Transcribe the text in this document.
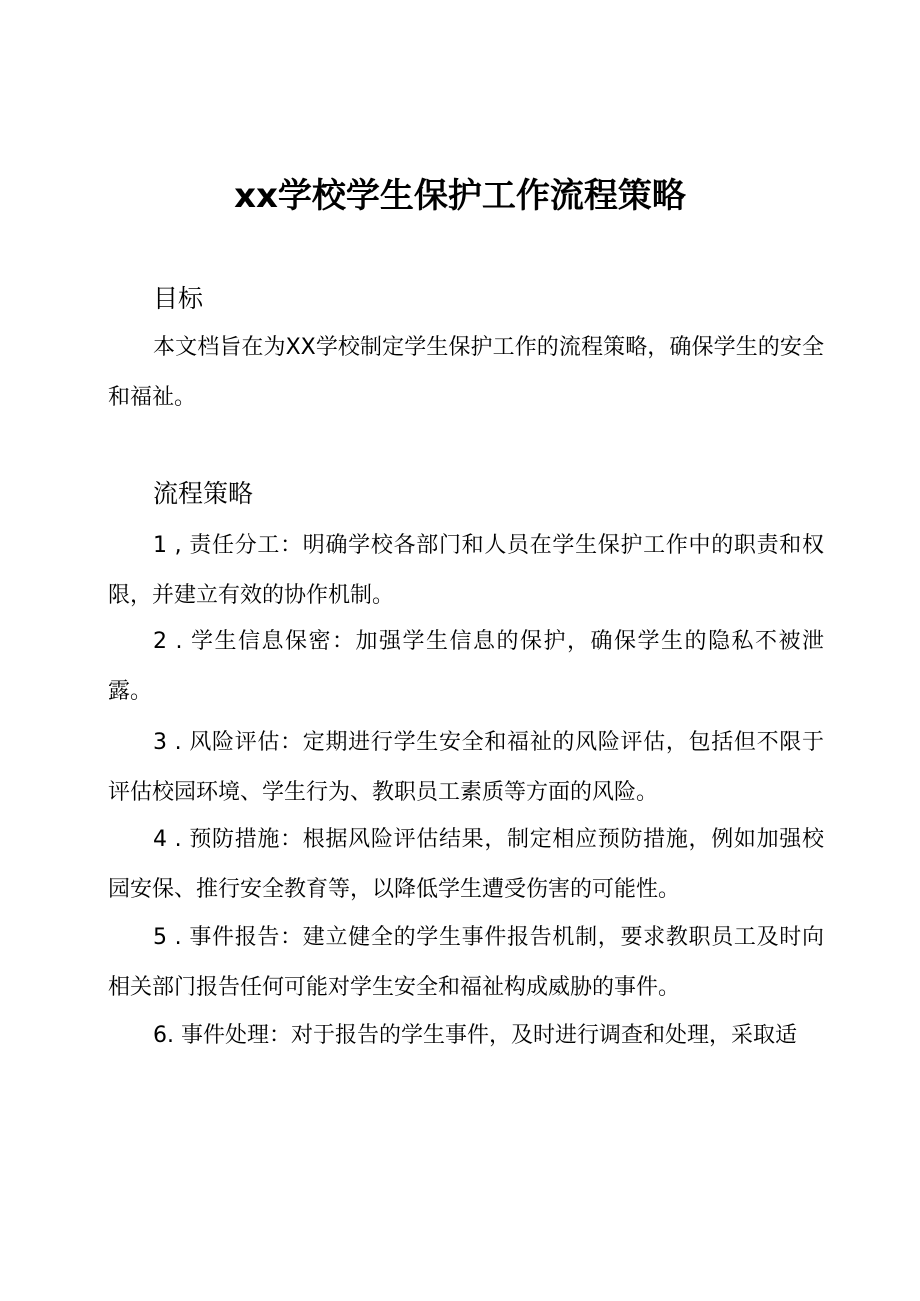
xx学校学生保护工作流程策略
目标

本文档旨在为XX学校制定学生保护工作的流程策略，确保学生的安全和福祉。

流程策略

1 , 责任分工：明确学校各部门和人员在学生保护工作中的职责和权限，并建立有效的协作机制。

2 . 学生信息保密：加强学生信息的保护，确保学生的隐私不被泄露。

3 . 风险评估：定期进行学生安全和福祉的风险评估，包括但不限于评估校园环境、学生行为、教职员工素质等方面的风险。

4 . 预防措施：根据风险评估结果，制定相应预防措施，例如加强校园安保、推行安全教育等，以降低学生遭受伤害的可能性。

5 . 事件报告：建立健全的学生事件报告机制，要求教职员工及时向相关部门报告任何可能对学生安全和福祉构成威胁的事件。

6. 事件处理：对于报告的学生事件，及时进行调查和处理，采取适
